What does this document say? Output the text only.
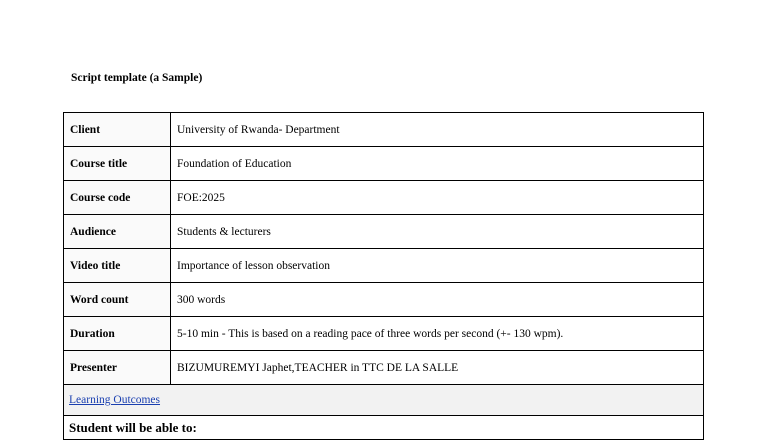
Script template (a Sample)
Client	University of Rwanda- Department
Course title	Foundation of Education
Course code	FOE:2025
Audience	Students & lecturers
Video title	Importance of lesson observation
Word count	300 words
Duration	5-10 min - This is based on a reading pace of three words per second (+- 130 wpm).
Presenter	BIZUMUREMYI Japhet,TEACHER in TTC DE LA SALLE
Learning Outcomes	
Student will be able to:	
